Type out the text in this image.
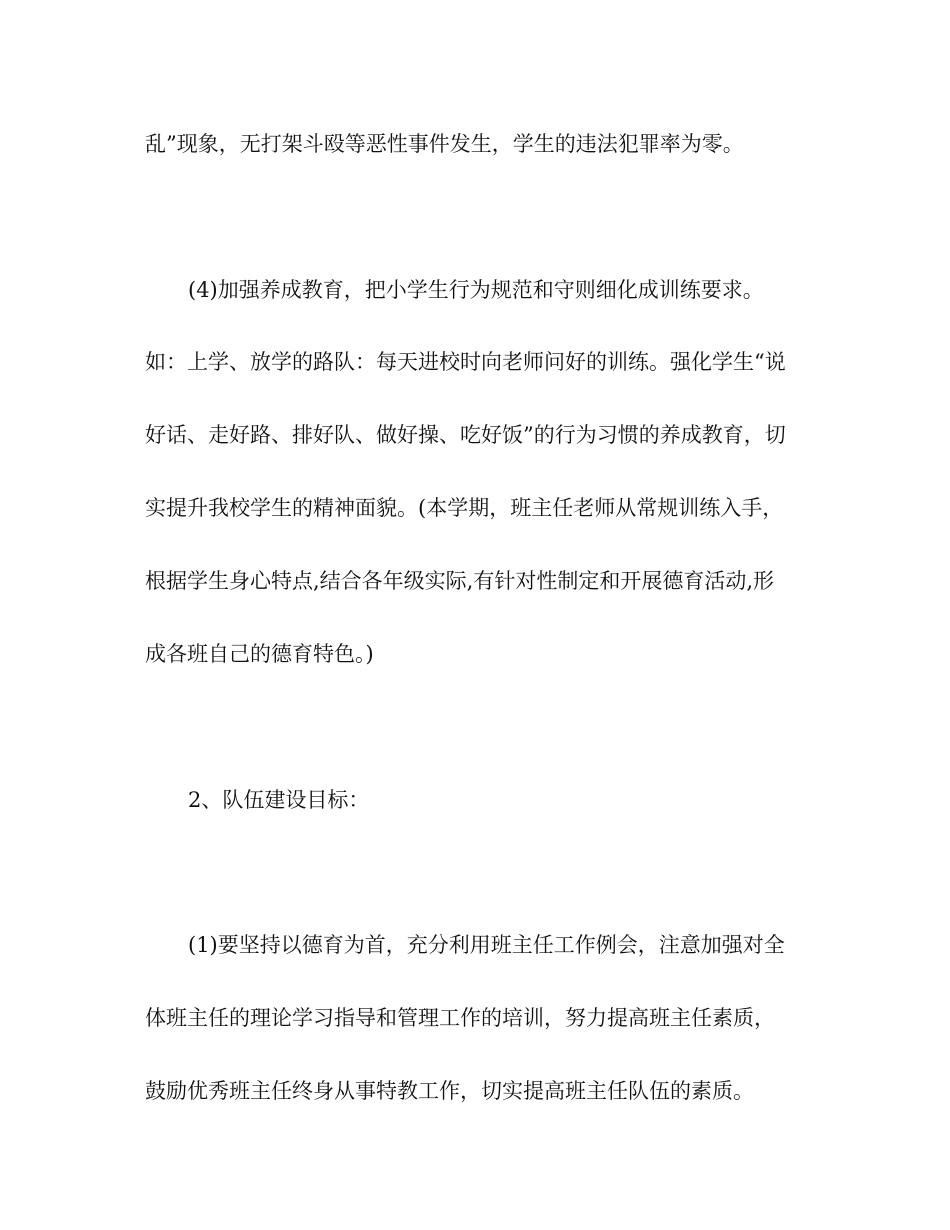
乱”现象，无打架斗殴等恶性事件发生，学生的违法犯罪率为零。
(4)加强养成教育，把小学生行为规范和守则细化成训练要求。
如：上学、放学的路队：每天进校时向老师问好的训练。强化学生“说
好话、走好路、排好队、做好操、吃好饭”的行为习惯的养成教育，切
实提升我校学生的精神面貌。(本学期，班主任老师从常规训练入手，
根据学生身心特点,结合各年级实际,有针对性制定和开展德育活动,形
成各班自己的德育特色。)
2、队伍建设目标：
(1)要坚持以德育为首，充分利用班主任工作例会，注意加强对全
体班主任的理论学习指导和管理工作的培训，努力提高班主任素质，
鼓励优秀班主任终身从事特教工作，切实提高班主任队伍的素质。
